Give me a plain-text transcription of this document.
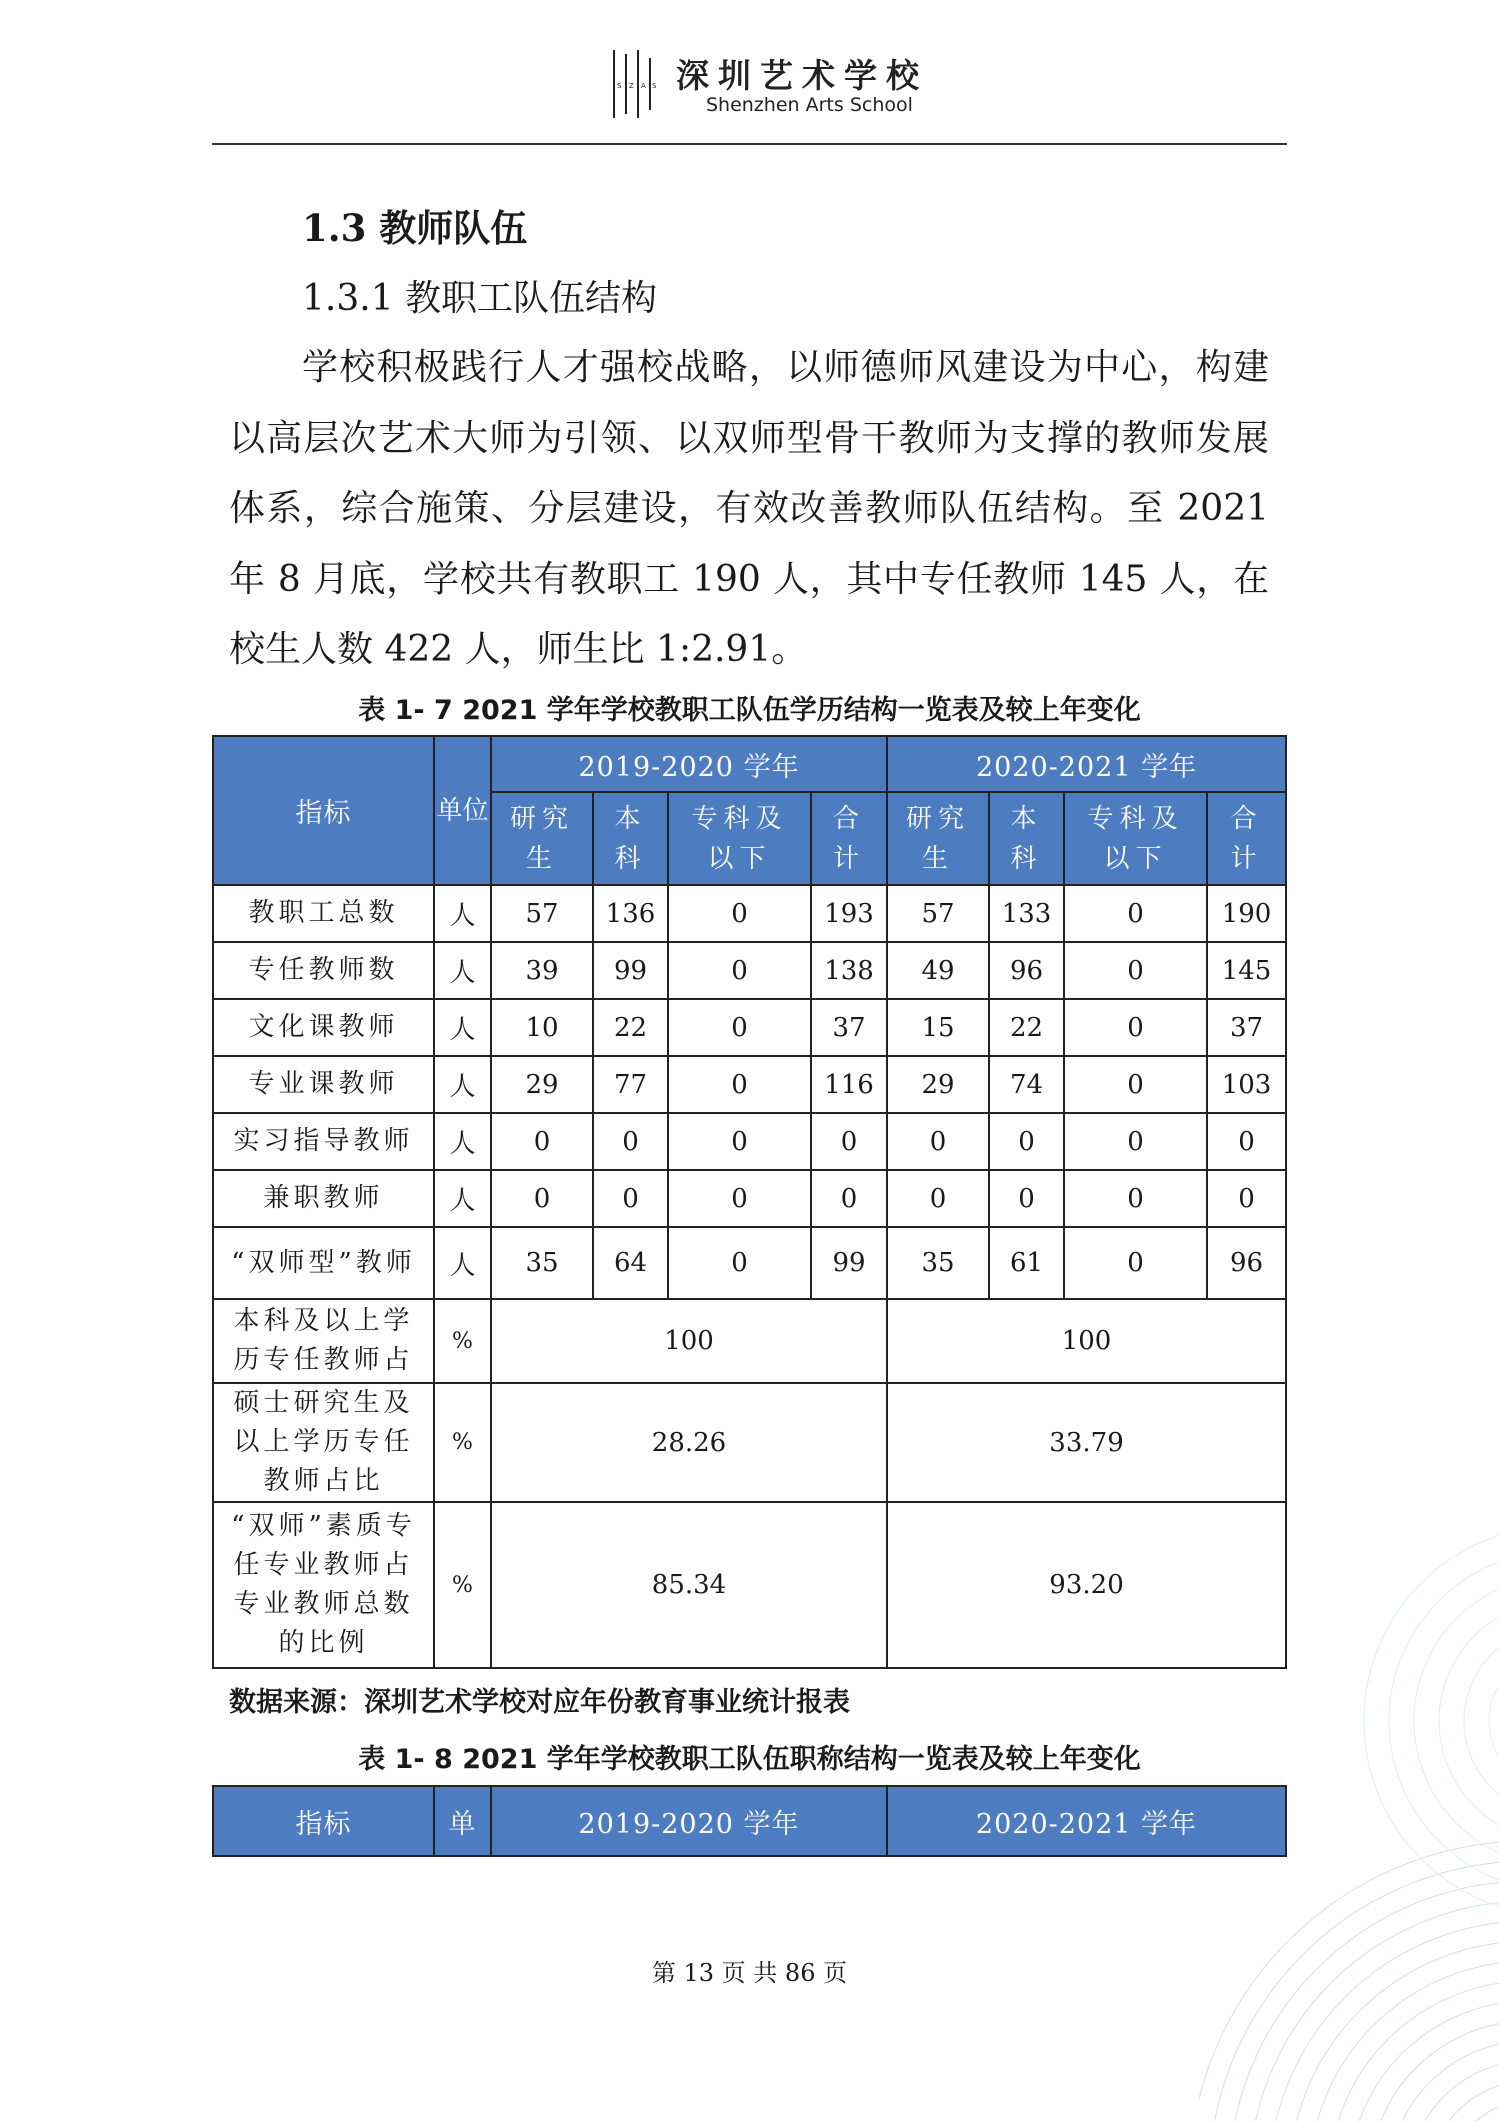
S Z A S 深圳艺术学校
Shenzhen Arts School
1.3 教师队伍
1.3.1 教职工队伍结构

学校积极践行人才强校战略，以师德师风建设为中心，构建以高层次艺术大师为引领、以双师型骨干教师为支撑的教师发展体系，综合施策、分层建设，有效改善教师队伍结构。至 2021 年 8 月底，学校共有教职工 190 人，其中专任教师 145 人，在校生人数 422 人，师生比 1:2.91。

表 1- 7 2021 学年学校教职工队伍学历结构一览表及较上年变化
指标	单位	2019-2020 学年				2020-2021 学年			
		研究生	本科	专科及以下	合计	研究生	本科	专科及以下	合计
教职工总数	人	57	136	0	193	57	133	0	190
专任教师数	人	39	99	0	138	49	96	0	145
文化课教师	人	10	22	0	37	15	22	0	37
专业课教师	人	29	77	0	116	29	74	0	103
实习指导教师	人	0	0	0	0	0	0	0	0
兼职教师	人	0	0	0	0	0	0	0	0
“双师型”教师	人	35	64	0	99	35	61	0	96
本科及以上学历专任教师占	%	100				100			
硕士研究生及以上学历专任教师占比	%	28.26				33.79			
“双师”素质专任专业教师占专业教师总数的比例	%	85.34				93.20			
数据来源：深圳艺术学校对应年份教育事业统计报表
表 1- 8 2021 学年学校教职工队伍职称结构一览表及较上年变化
指标	单	2019-2020 学年	2020-2021 学年
第 13 页 共 86 页
